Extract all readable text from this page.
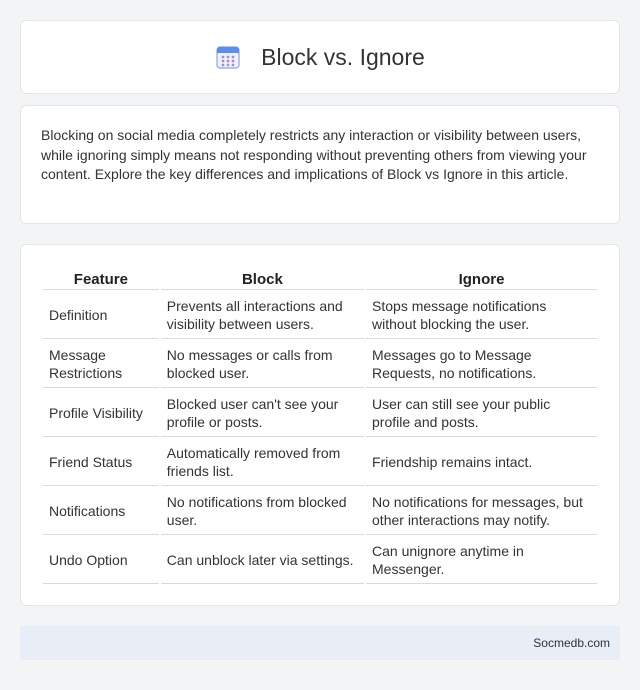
Block vs. Ignore

Blocking on social media completely restricts any interaction or visibility between users, while ignoring simply means not responding without preventing others from viewing your content. Explore the key differences and implications of Block vs Ignore in this article.

Feature	Block	Ignore
Definition	Prevents all interactions and visibility between users.	Stops message notifications without blocking the user.
Message Restrictions	No messages or calls from blocked user.	Messages go to Message Requests, no notifications.
Profile Visibility	Blocked user can't see your profile or posts.	User can still see your public profile and posts.
Friend Status	Automatically removed from friends list.	Friendship remains intact.
Notifications	No notifications from blocked user.	No notifications for messages, but other interactions may notify.
Undo Option	Can unblock later via settings.	Can unignore anytime in Messenger.
Socmedb.com
